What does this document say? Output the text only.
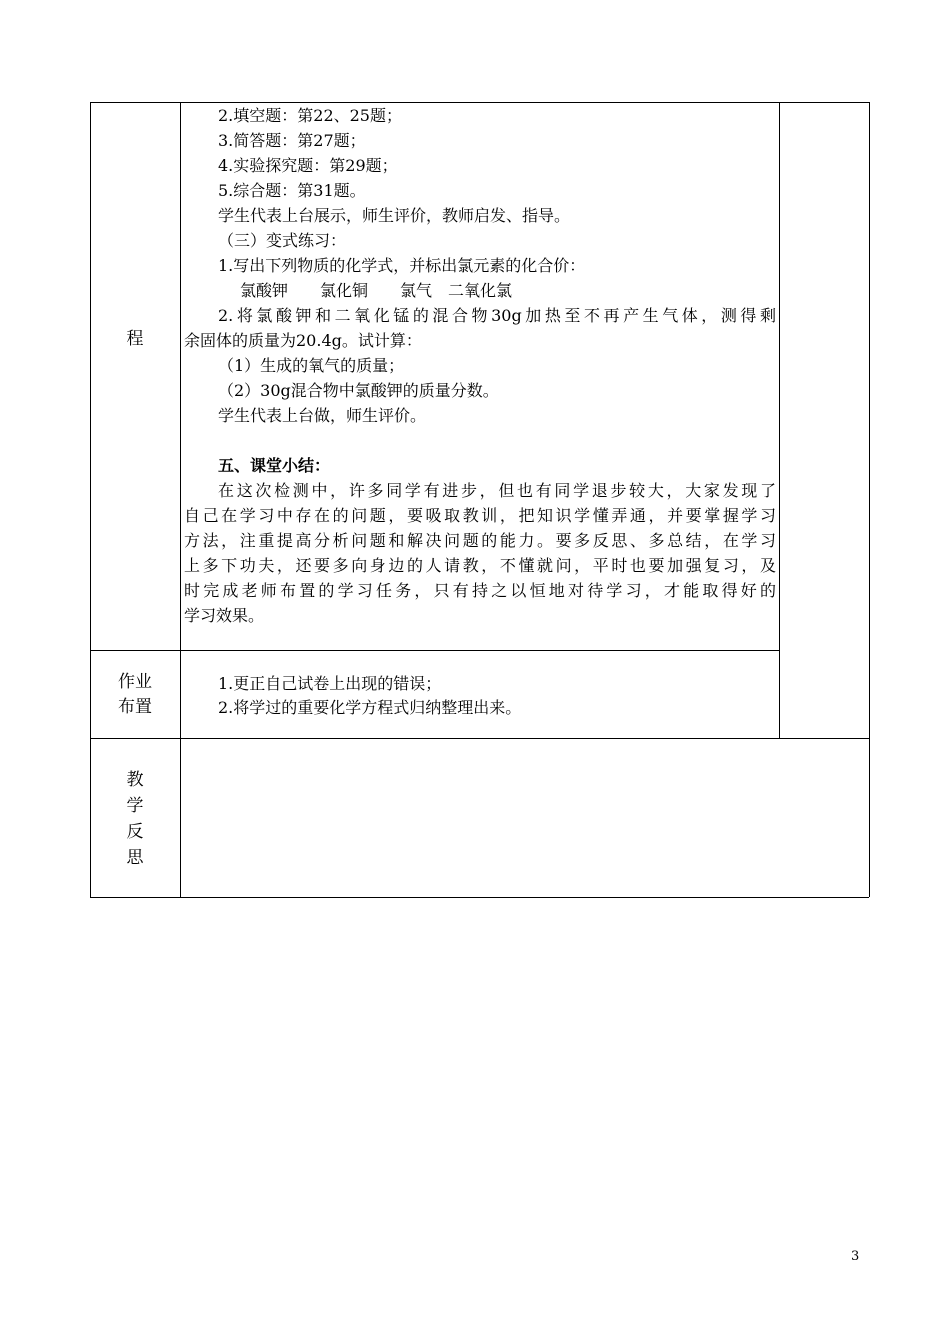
程
2.填空题：第22、25题；
3.简答题：第27题；
4.实验探究题：第29题；
5.综合题：第31题。
学生代表上台展示，师生评价，教师启发、指导。
（三）变式练习：
1.写出下列物质的化学式，并标出氯元素的化合价：
氯酸钾　　氯化铜　　氯气　二氧化氯
2.将氯酸钾和二氧化锰的混合物30g加热至不再产生气体，测得剩
余固体的质量为20.4g。试计算：
（1）生成的氧气的质量；
（2）30g混合物中氯酸钾的质量分数。
学生代表上台做，师生评价。
五、课堂小结：
在这次检测中，许多同学有进步，但也有同学退步较大，大家发现了
自己在学习中存在的问题，要吸取教训，把知识学懂弄通，并要掌握学习
方法，注重提高分析问题和解决问题的能力。要多反思、多总结，在学习
上多下功夫，还要多向身边的人请教，不懂就问，平时也要加强复习，及
时完成老师布置的学习任务，只有持之以恒地对待学习，才能取得好的
学习效果。
作业
布置
1.更正自己试卷上出现的错误；
2.将学过的重要化学方程式归纳整理出来。
教
学
反
思
3
